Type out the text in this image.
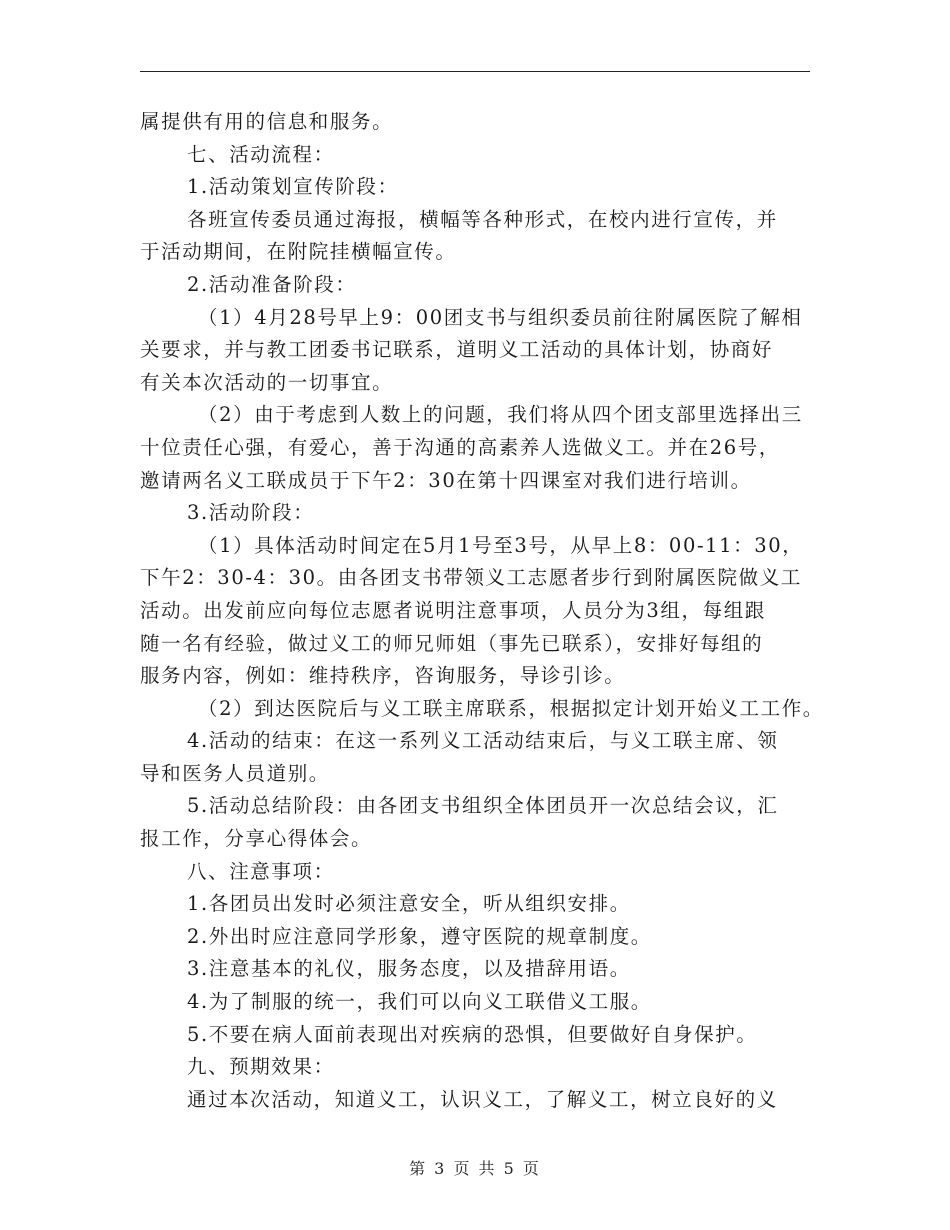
属提供有用的信息和服务。
七、活动流程：
1.活动策划宣传阶段：
各班宣传委员通过海报，横幅等各种形式，在校内进行宣传，并
于活动期间，在附院挂横幅宣传。
2.活动准备阶段：
（1）4月28号早上9：00团支书与组织委员前往附属医院了解相
关要求，并与教工团委书记联系，道明义工活动的具体计划，协商好
有关本次活动的一切事宜。
（2）由于考虑到人数上的问题，我们将从四个团支部里选择出三
十位责任心强，有爱心，善于沟通的高素养人选做义工。并在26号，
邀请两名义工联成员于下午2：30在第十四课室对我们进行培训。
3.活动阶段：
（1）具体活动时间定在5月1号至3号，从早上8：00-11：30，
下午2：30-4：30。由各团支书带领义工志愿者步行到附属医院做义工
活动。出发前应向每位志愿者说明注意事项，人员分为3组，每组跟
随一名有经验，做过义工的师兄师姐（事先已联系），安排好每组的
服务内容，例如：维持秩序，咨询服务，导诊引诊。
（2）到达医院后与义工联主席联系，根据拟定计划开始义工工作。
4.活动的结束：在这一系列义工活动结束后，与义工联主席、领
导和医务人员道别。
5.活动总结阶段：由各团支书组织全体团员开一次总结会议，汇
报工作，分享心得体会。
八、注意事项：
1.各团员出发时必须注意安全，听从组织安排。
2.外出时应注意同学形象，遵守医院的规章制度。
3.注意基本的礼仪，服务态度，以及措辞用语。
4.为了制服的统一，我们可以向义工联借义工服。
5.不要在病人面前表现出对疾病的恐惧，但要做好自身保护。
九、预期效果：
通过本次活动，知道义工，认识义工，了解义工，树立良好的义
第 3 页 共 5 页
